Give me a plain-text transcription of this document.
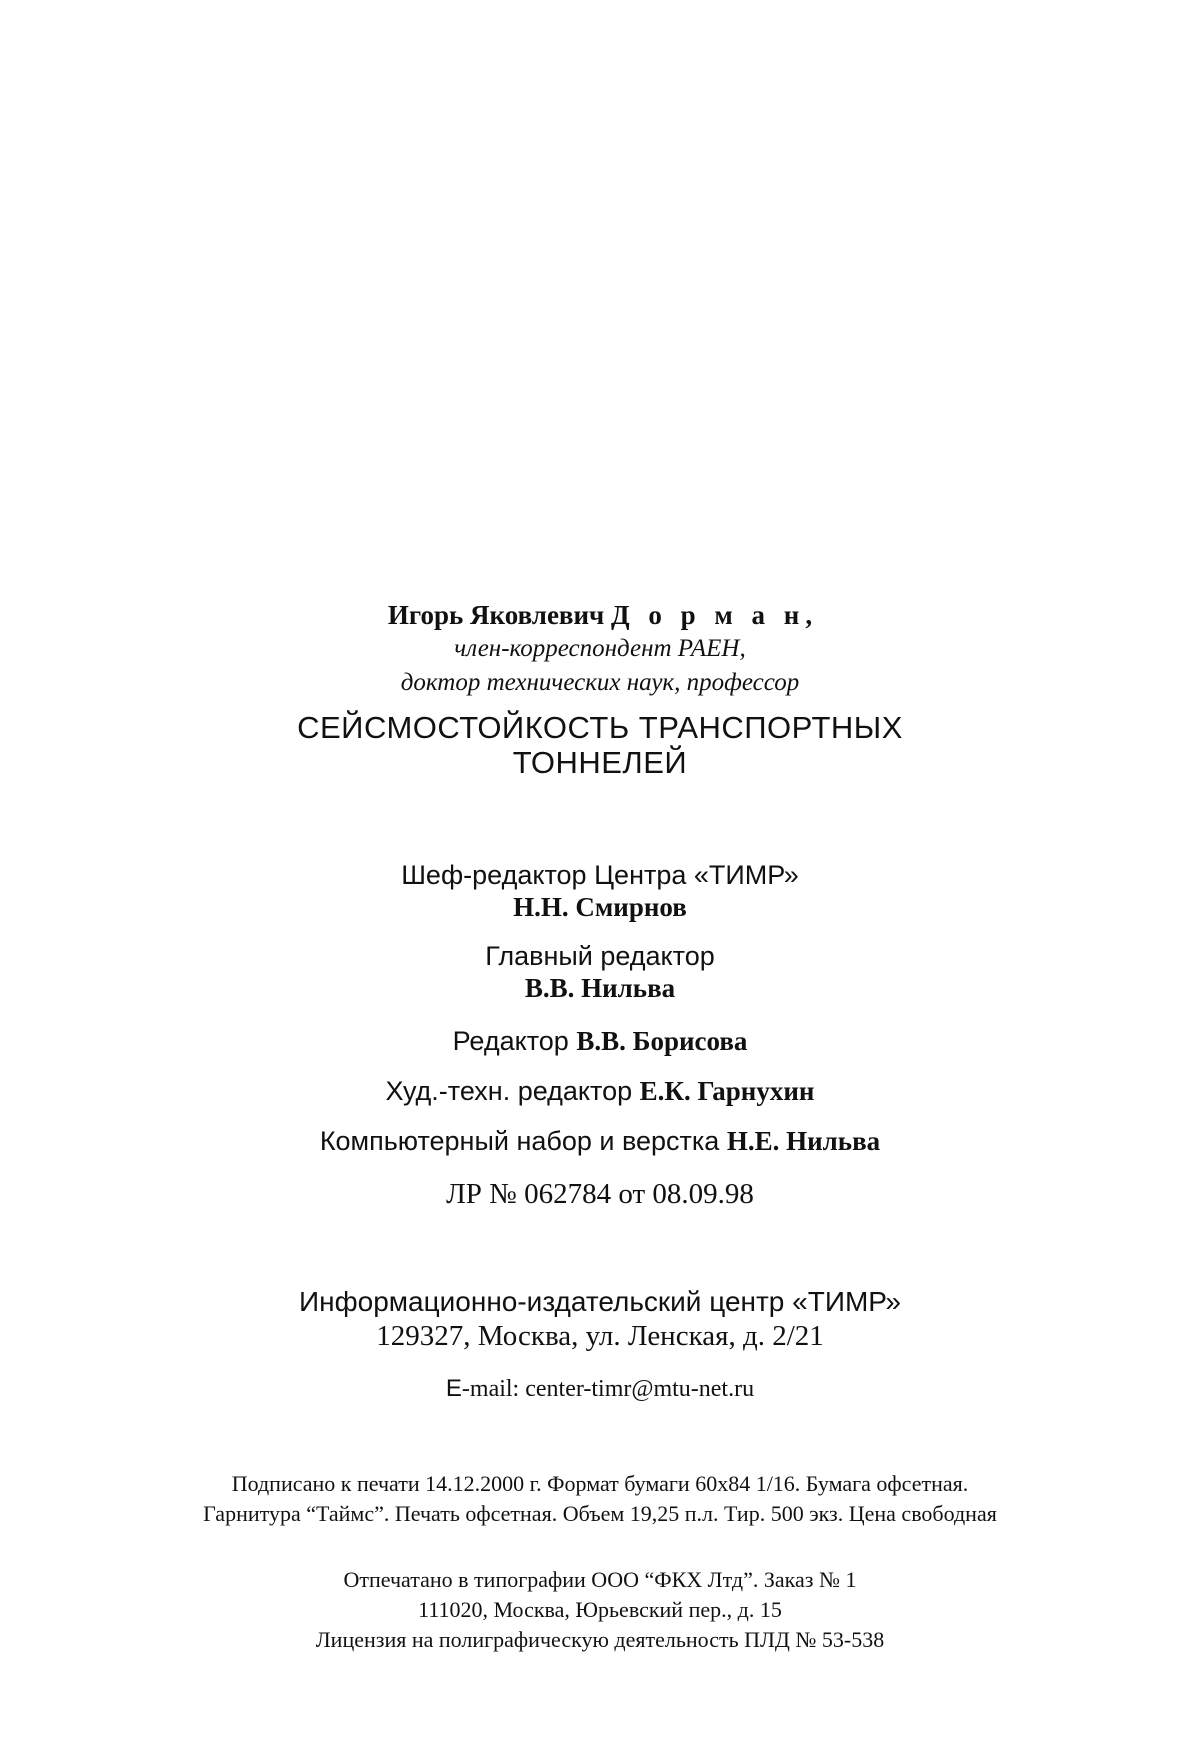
Игорь Яковлевич Д о р м а н,
член-корреспондент РАЕН,
доктор технических наук, профессор
СЕЙСМОСТОЙКОСТЬ ТРАНСПОРТНЫХ
ТОННЕЛЕЙ
Шеф-редактор Центра «ТИМР»
Н.Н. Смирнов
Главный редактор
В.В. Нильва
Редактор В.В. Борисова
Худ.-техн. редактор Е.К. Гарнухин
Компьютерный набор и верстка Н.Е. Нильва
ЛР № 062784 от 08.09.98
Информационно-издательский центр «ТИМР»
129327, Москва, ул. Ленская, д. 2/21
E-mail: center-timr@mtu-net.ru
Подписано к печати 14.12.2000 г. Формат бумаги 60x84 1/16. Бумага офсетная.
Гарнитура “Таймс”. Печать офсетная. Объем 19,25 п.л. Тир. 500 экз. Цена свободная
Отпечатано в типографии ООО “ФКХ Лтд”. Заказ № 1
111020, Москва, Юрьевский пер., д. 15
Лицензия на полиграфическую деятельность ПЛД № 53-538
